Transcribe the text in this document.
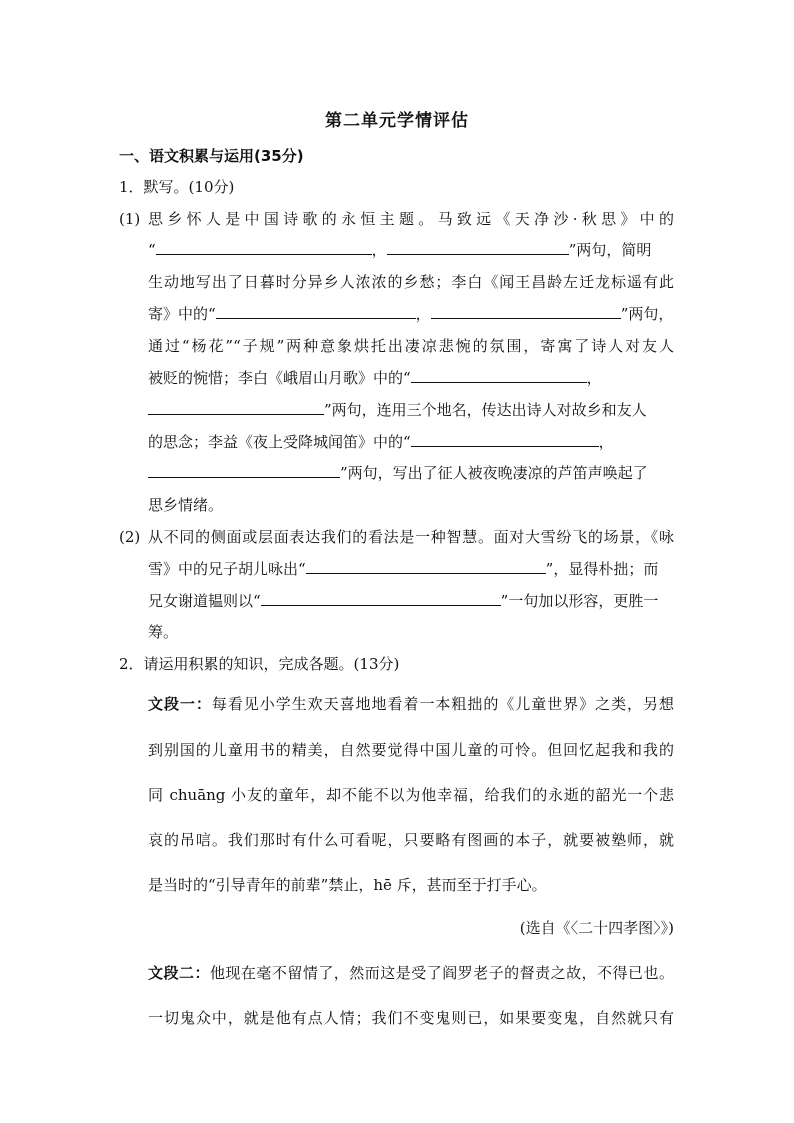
第二单元学情评估
一、语文积累与运用(35分)
1．默写。(10分)
(1) 思乡怀人是中国诗歌的永恒主题。马致远《天净沙·秋思》中的
“	，	”两句，简明
生动地写出了日暮时分异乡人浓浓的乡愁；李白《闻王昌龄左迁龙标遥有此
寄》中的“	，	”两句，
通过“杨花”“子规”两种意象烘托出凄凉悲惋的氛围，寄寓了诗人对友人
被贬的惋惜；李白《峨眉山月歌》中的“	，
”两句，连用三个地名，传达出诗人对故乡和友人
的思念；李益《夜上受降城闻笛》中的“	，
”两句，写出了征人被夜晚凄凉的芦笛声唤起了
思乡情绪。
(2) 从不同的侧面或层面表达我们的看法是一种智慧。面对大雪纷飞的场景，《咏
雪》中的兄子胡儿咏出“	”，显得朴拙；而
兄女谢道韫则以“	”一句加以形容，更胜一
筹。
2．请运用积累的知识，完成各题。(13分)
文段一：每看见小学生欢天喜地地看着一本粗拙的《儿童世界》之类，另想
到别国的儿童用书的精美，自然要觉得中国儿童的可怜。但回忆起我和我的
同 chuāng 小友的童年，却不能不以为他幸福，给我们的永逝的韶光一个悲
哀的吊唁。我们那时有什么可看呢，只要略有图画的本子，就要被塾师，就
是当时的“引导青年的前辈”禁止，hē 斥，甚而至于打手心。
(选自《〈二十四孝图〉》)
文段二：他现在毫不留情了，然而这是受了阎罗老子的督责之故，不得已也。
一切鬼众中，就是他有点人情；我们不变鬼则已，如果要变鬼，自然就只有
